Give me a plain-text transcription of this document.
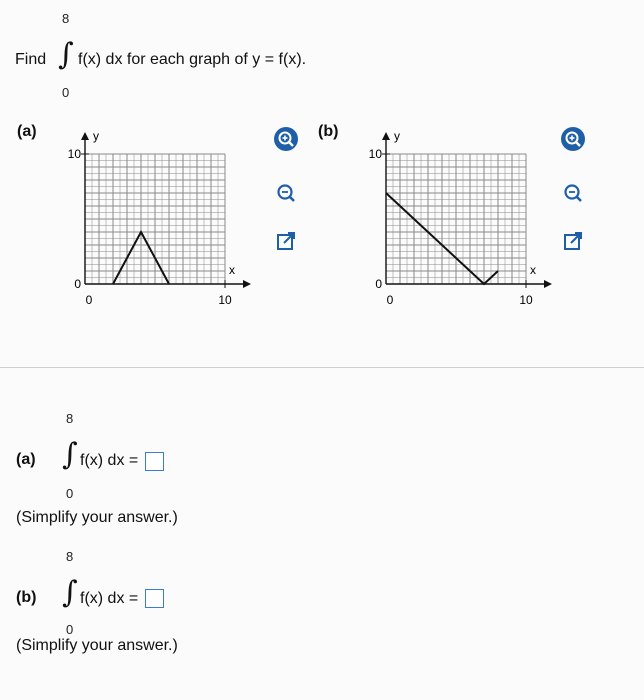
8
Find ∫ f(x) dx for each graph of y = f(x).
0
(a)	y
x
10
0
0	10
(b)	y
x
10
0
0	10
8
(a) ∫ f(x) dx =
0
(Simplify your answer.)
8
(b) ∫ f(x) dx =
0
(Simplify your answer.)
